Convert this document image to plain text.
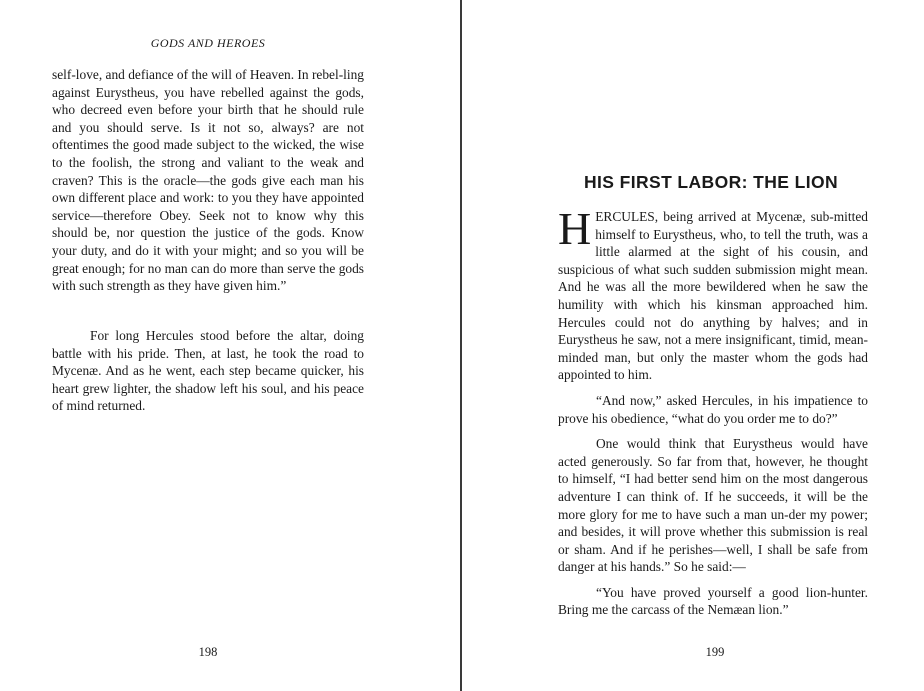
GODS AND HEROES

self-love, and defiance of the will of Heaven. In rebel-ling against Eurystheus, you have rebelled against the gods, who decreed even before your birth that he should rule and you should serve. Is it not so, always? are not oftentimes the good made subject to the wicked, the wise to the foolish, the strong and valiant to the weak and craven? This is the oracle—the gods give each man his own different place and work: to you they have appointed service—therefore Obey. Seek not to know why this should be, nor question the justice of the gods. Know your duty, and do it with your might; and so you will be great enough; for no man can do more than serve the gods with such strength as they have given him.”

For long Hercules stood before the altar, doing battle with his pride. Then, at last, he took the road to Mycenæ. And as he went, each step became quicker, his heart grew lighter, the shadow left his soul, and his peace of mind returned.

198
HIS FIRST LABOR: THE LION

HERCULES, being arrived at Mycenæ, sub-mitted himself to Eurystheus, who, to tell the truth, was a little alarmed at the sight of his cousin, and suspicious of what such sudden submission might mean. And he was all the more bewildered when he saw the humility with which his kinsman approached him. Hercules could not do anything by halves; and in Eurystheus he saw, not a mere insignificant, timid, mean-minded man, but only the master whom the gods had appointed to him.

“And now,” asked Hercules, in his impatience to prove his obedience, “what do you order me to do?”

One would think that Eurystheus would have acted generously. So far from that, however, he thought to himself, “I had better send him on the most dangerous adventure I can think of. If he succeeds, it will be the more glory for me to have such a man un-der my power; and besides, it will prove whether this submission is real or sham. And if he perishes—well, I shall be safe from danger at his hands.” So he said:—

“You have proved yourself a good lion-hunter. Bring me the carcass of the Nemæan lion.”

199
